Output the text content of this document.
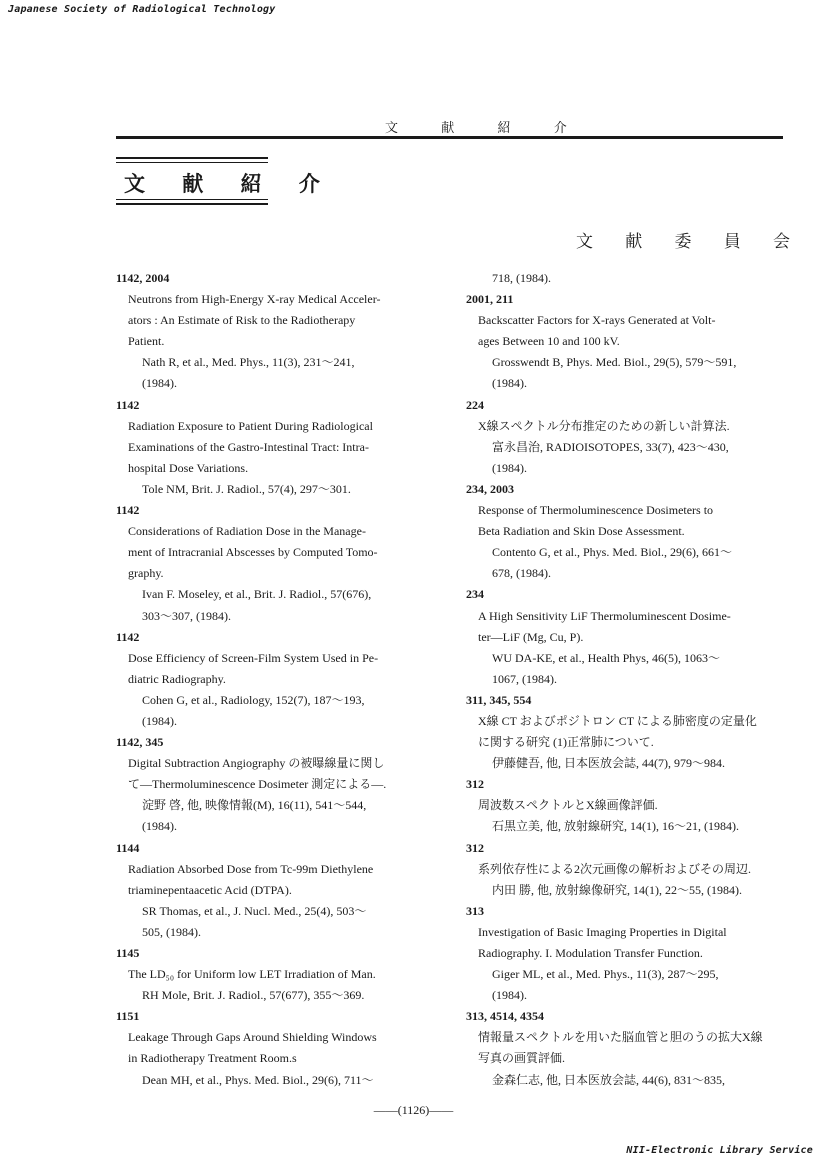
Japanese Society of Radiological Technology
文 献 紹 介
文 献 紹 介
文 献 委 員 会
1142, 2004
Neutrons from High-Energy X-ray Medical Acceler-
ators : An Estimate of Risk to the Radiotherapy
Patient.
Nath R, et al., Med. Phys., 11(3), 231～241,
(1984).
1142
Radiation Exposure to Patient During Radiological
Examinations of the Gastro-Intestinal Tract: Intra-
hospital Dose Variations.
Tole NM, Brit. J. Radiol., 57(4), 297～301.
1142
Considerations of Radiation Dose in the Manage-
ment of Intracranial Abscesses by Computed Tomo-
graphy.
Ivan F. Moseley, et al., Brit. J. Radiol., 57(676),
303～307, (1984).
1142
Dose Efficiency of Screen-Film System Used in Pe-
diatric Radiography.
Cohen G, et al., Radiology, 152(7), 187～193,
(1984).
1142, 345
Digital Subtraction Angiography の被曝線量に関し
て―Thermoluminescence Dosimeter 測定による―.
淀野 啓, 他, 映像情報(M), 16(11), 541～544,
(1984).
1144
Radiation Absorbed Dose from Tc-99m Diethylene
triaminepentaacetic Acid (DTPA).
SR Thomas, et al., J. Nucl. Med., 25(4), 503～
505, (1984).
1145
The LD₅₀ for Uniform low LET Irradiation of Man.
RH Mole, Brit. J. Radiol., 57(677), 355～369.
1151
Leakage Through Gaps Around Shielding Windows
in Radiotherapy Treatment Room.s
Dean MH, et al., Phys. Med. Biol., 29(6), 711～
718, (1984).
2001, 211
Backscatter Factors for X-rays Generated at Volt-
ages Between 10 and 100 kV.
Grosswendt B, Phys. Med. Biol., 29(5), 579～591,
(1984).
224
X線スペクトル分布推定のための新しい計算法.
富永昌治, RADIOISOTOPES, 33(7), 423～430,
(1984).
234, 2003
Response of Thermoluminescence Dosimeters to
Beta Radiation and Skin Dose Assessment.
Contento G, et al., Phys. Med. Biol., 29(6), 661～
678, (1984).
234
A High Sensitivity LiF Thermoluminescent Dosime-
ter―LiF (Mg, Cu, P).
WU DA-KE, et al., Health Phys, 46(5), 1063～
1067, (1984).
311, 345, 554
X線 CT およびポジトロン CT による肺密度の定量化
に関する研究 (1)正常肺について.
伊藤健吾, 他, 日本医放会誌, 44(7), 979～984.
312
周波数スペクトルとX線画像評価.
石黒立美, 他, 放射線研究, 14(1), 16～21, (1984).
312
系列依存性による2次元画像の解析およびその周辺.
内田 勝, 他, 放射線像研究, 14(1), 22～55, (1984).
313
Investigation of Basic Imaging Properties in Digital
Radiography. I. Modulation Transfer Function.
Giger ML, et al., Med. Phys., 11(3), 287～295,
(1984).
313, 4514, 4354
情報量スペクトルを用いた脳血管と胆のうの拡大X線
写真の画質評価.
金森仁志, 他, 日本医放会誌, 44(6), 831～835,
――(1126)――
NII-Electronic Library Service
